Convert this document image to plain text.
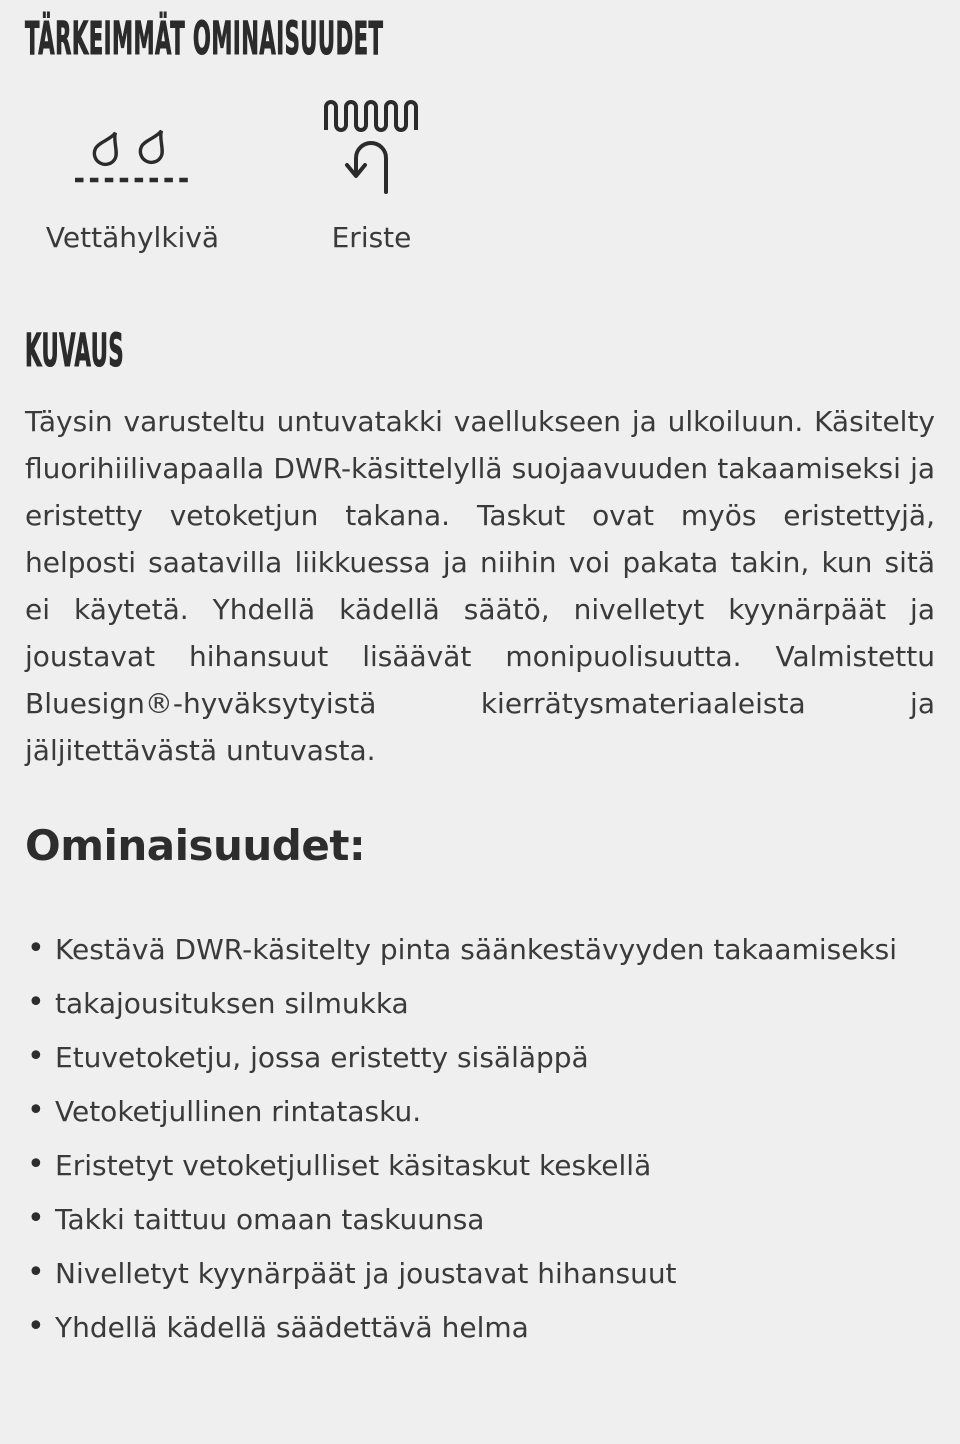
TÄRKEIMMÄT OMINAISUUDET
Vettähylkivä	Eriste
KUVAUS

Täysin varusteltu untuvatakki vaellukseen ja ulkoiluun. Käsitelty fluorihiilivapaalla DWR-käsittelyllä suojaavuuden takaamiseksi ja eristetty vetoketjun takana. Taskut ovat myös eristettyjä, helposti saatavilla liikkuessa ja niihin voi pakata takin, kun sitä ei käytetä. Yhdellä kädellä säätö, nivelletyt kyynärpäät ja joustavat hihansuut lisäävät monipuolisuutta. Valmistettu Bluesign®-hyväksytyistä kierrätysmateriaaleista ja jäljitettävästä untuvasta.

Ominaisuudet:
• Kestävä DWR-käsitelty pinta säänkestävyyden takaamiseksi
• takajousituksen silmukka
• Etuvetoketju, jossa eristetty sisäläppä
• Vetoketjullinen rintatasku.
• Eristetyt vetoketjulliset käsitaskut keskellä
• Takki taittuu omaan taskuunsa
• Nivelletyt kyynärpäät ja joustavat hihansuut
• Yhdellä kädellä säädettävä helma
